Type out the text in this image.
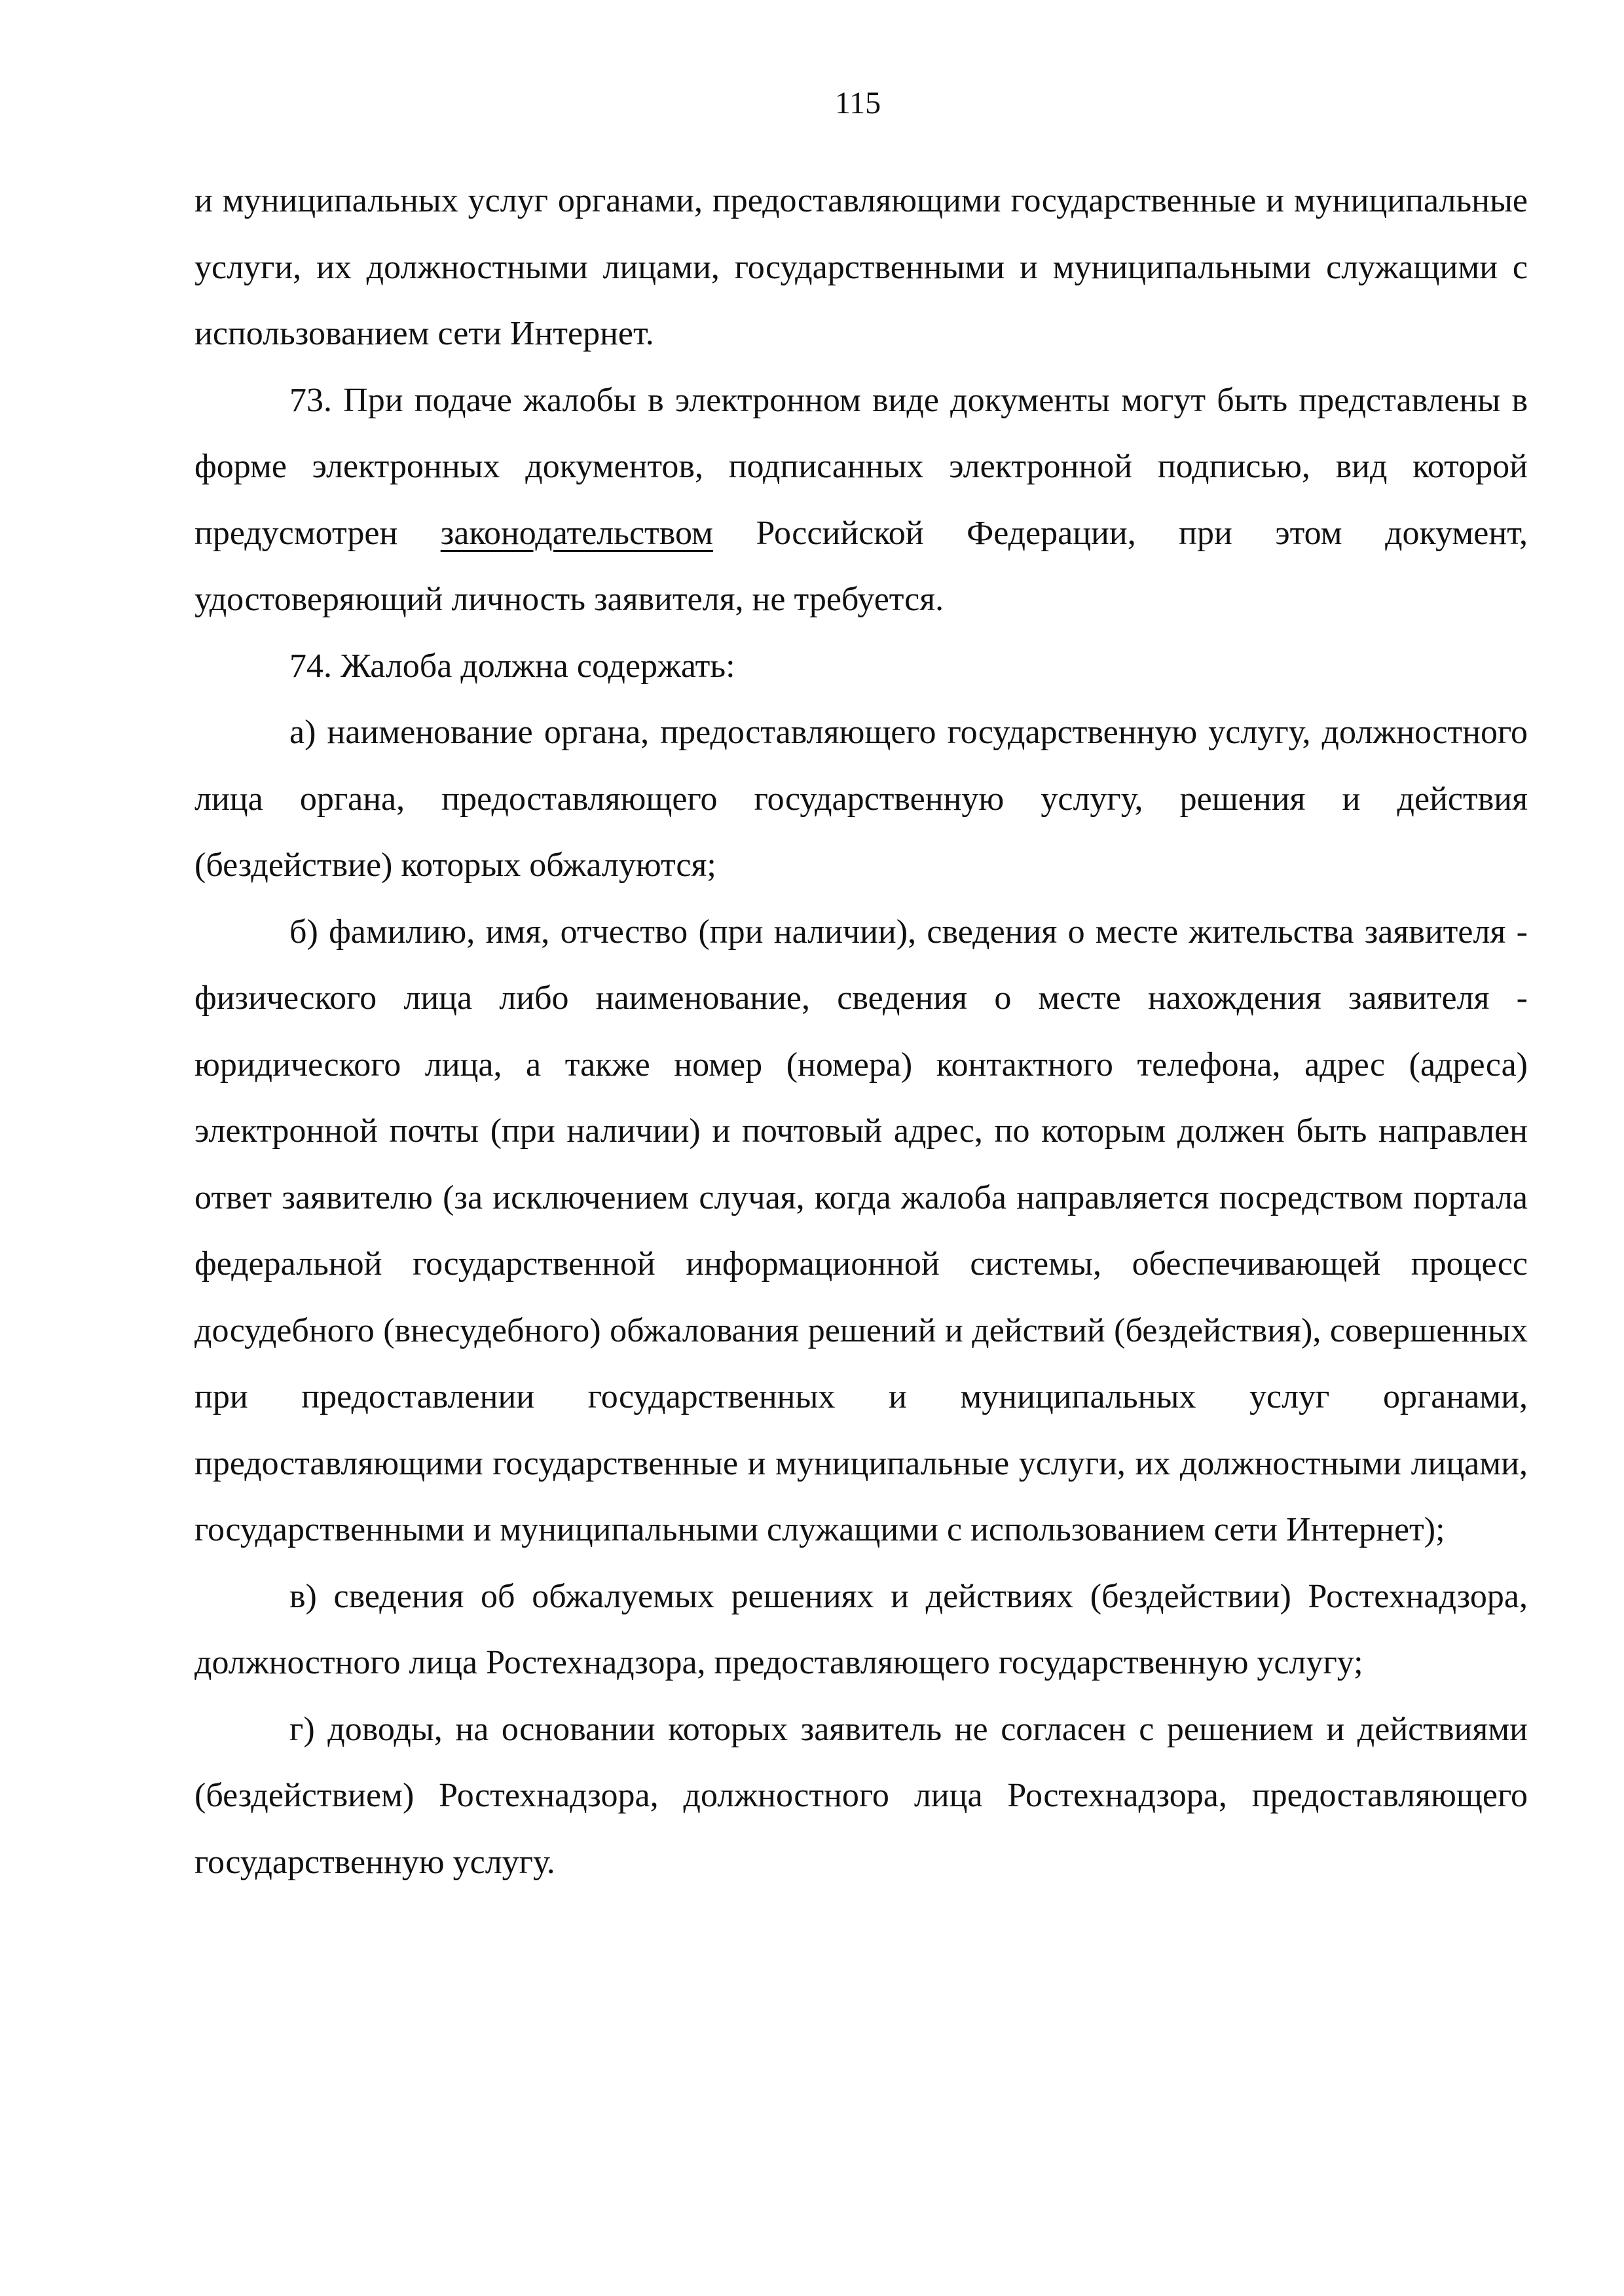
115

и муниципальных услуг органами, предоставляющими государственные и муниципальные услуги, их должностными лицами, государственными и муниципальными служащими с использованием сети Интернет.

73. При подаче жалобы в электронном виде документы могут быть представлены в форме электронных документов, подписанных электронной подписью, вид которой предусмотрен законодательством Российской Федерации, при этом документ, удостоверяющий личность заявителя, не требуется.

74. Жалоба должна содержать:

а) наименование органа, предоставляющего государственную услугу, должностного лица органа, предоставляющего государственную услугу, решения и действия (бездействие) которых обжалуются;

б) фамилию, имя, отчество (при наличии), сведения о месте жительства заявителя - физического лица либо наименование, сведения о месте нахождения заявителя - юридического лица, а также номер (номера) контактного телефона, адрес (адреса) электронной почты (при наличии) и почтовый адрес, по которым должен быть направлен ответ заявителю (за исключением случая, когда жалоба направляется посредством портала федеральной государственной информационной системы, обеспечивающей процесс досудебного (внесудебного) обжалования решений и действий (бездействия), совершенных при предоставлении государственных и муниципальных услуг органами, предоставляющими государственные и муниципальные услуги, их должностными лицами, государственными и муниципальными служащими с использованием сети Интернет);

в) сведения об обжалуемых решениях и действиях (бездействии) Ростехнадзора, должностного лица Ростехнадзора, предоставляющего государственную услугу;

г) доводы, на основании которых заявитель не согласен с решением и действиями (бездействием) Ростехнадзора, должностного лица Ростехнадзора, предоставляющего государственную услугу.
